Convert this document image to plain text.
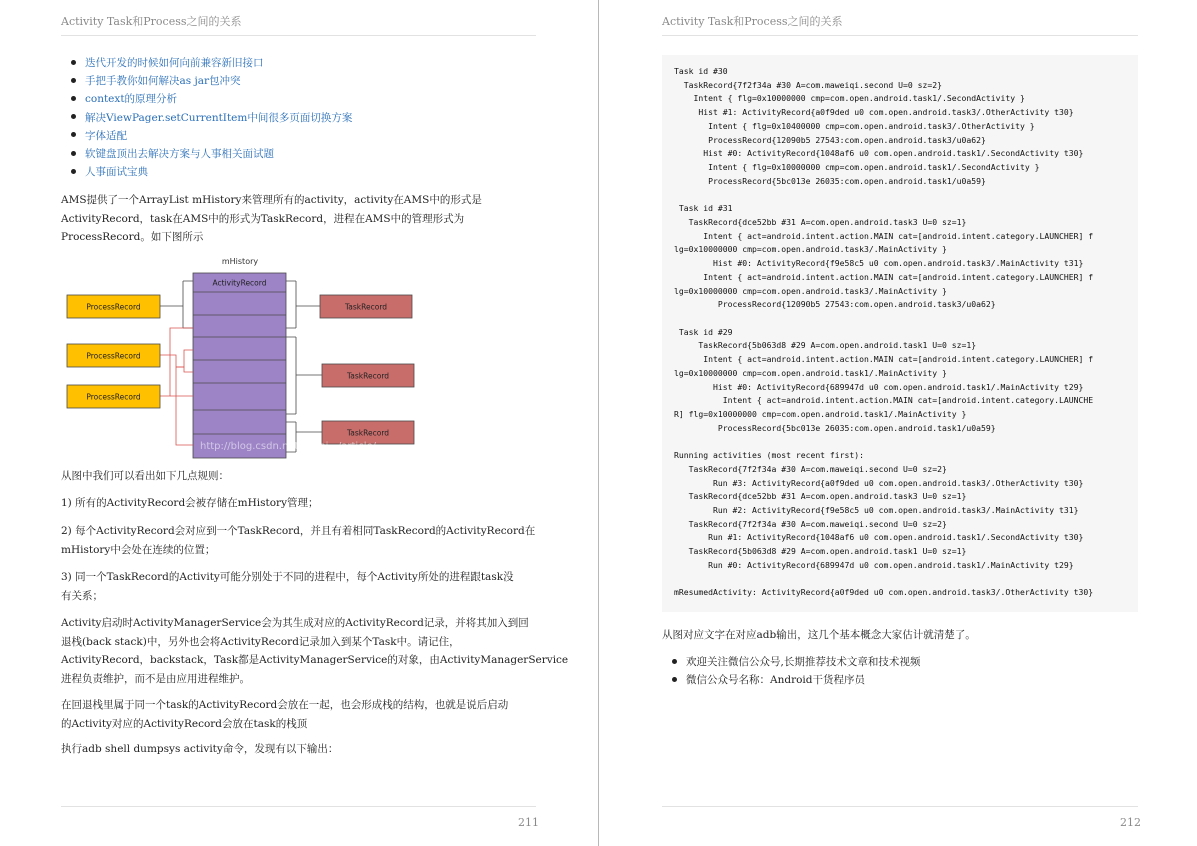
Activity Task和Process之间的关系
迭代开发的时候如何向前兼容新旧接口
手把手教你如何解决as jar包冲突
context的原理分析
解决ViewPager.setCurrentItem中间很多页面切换方案
字体适配
软键盘顶出去解决方案与人事相关面试题
人事面试宝典
AMS提供了一个ArrayList mHistory来管理所有的activity，activity在AMS中的形式是
ActivityRecord，task在AMS中的形式为TaskRecord，进程在AMS中的管理形式为
ProcessRecord。如下图所示
mHistory
ActivityRecord
ProcessRecord
ProcessRecord
ProcessRecord
TaskRecord
TaskRecord
TaskRecord
http://blog.csdn.net/zhaoj.../article/...
从图中我们可以看出如下几点规则：
1) 所有的ActivityRecord会被存储在mHistory管理；
2) 每个ActivityRecord会对应到一个TaskRecord，并且有着相同TaskRecord的ActivityRecord在
mHistory中会处在连续的位置；
3) 同一个TaskRecord的Activity可能分别处于不同的进程中，每个Activity所处的进程跟task没
有关系；
Activity启动时ActivityManagerService会为其生成对应的ActivityRecord记录，并将其加入到回
退栈(back stack)中，另外也会将ActivityRecord记录加入到某个Task中。请记住，
ActivityRecord，backstack，Task都是ActivityManagerService的对象，由ActivityManagerService
进程负责维护，而不是由应用进程维护。
在回退栈里属于同一个task的ActivityRecord会放在一起，也会形成栈的结构，也就是说后启动
的Activity对应的ActivityRecord会放在task的栈顶
执行adb shell dumpsys activity命令，发现有以下输出：
211
Activity Task和Process之间的关系
Task id #30
TaskRecord{7f2f34a #30 A=com.maweiqi.second U=0 sz=2}
Intent { flg=0x10000000 cmp=com.open.android.task1/.SecondActivity }
Hist #1: ActivityRecord{a0f9ded u0 com.open.android.task3/.OtherActivity t30}
Intent { flg=0x10400000 cmp=com.open.android.task3/.OtherActivity }
ProcessRecord{12090b5 27543:com.open.android.task3/u0a62}
Hist #0: ActivityRecord{1048af6 u0 com.open.android.task1/.SecondActivity t30}
Intent { flg=0x10000000 cmp=com.open.android.task1/.SecondActivity }
ProcessRecord{5bc013e 26035:com.open.android.task1/u0a59}
Task id #31
TaskRecord{dce52bb #31 A=com.open.android.task3 U=0 sz=1}
Intent { act=android.intent.action.MAIN cat=[android.intent.category.LAUNCHER] f
lg=0x10000000 cmp=com.open.android.task3/.MainActivity }
Hist #0: ActivityRecord{f9e58c5 u0 com.open.android.task3/.MainActivity t31}
Intent { act=android.intent.action.MAIN cat=[android.intent.category.LAUNCHER] f
lg=0x10000000 cmp=com.open.android.task3/.MainActivity }
ProcessRecord{12090b5 27543:com.open.android.task3/u0a62}
Task id #29
TaskRecord{5b063d8 #29 A=com.open.android.task1 U=0 sz=1}
Intent { act=android.intent.action.MAIN cat=[android.intent.category.LAUNCHER] f
lg=0x10000000 cmp=com.open.android.task1/.MainActivity }
Hist #0: ActivityRecord{689947d u0 com.open.android.task1/.MainActivity t29}
Intent { act=android.intent.action.MAIN cat=[android.intent.category.LAUNCHE
R] flg=0x10000000 cmp=com.open.android.task1/.MainActivity }
ProcessRecord{5bc013e 26035:com.open.android.task1/u0a59}
Running activities (most recent first):
TaskRecord{7f2f34a #30 A=com.maweiqi.second U=0 sz=2}
Run #3: ActivityRecord{a0f9ded u0 com.open.android.task3/.OtherActivity t30}
TaskRecord{dce52bb #31 A=com.open.android.task3 U=0 sz=1}
Run #2: ActivityRecord{f9e58c5 u0 com.open.android.task3/.MainActivity t31}
TaskRecord{7f2f34a #30 A=com.maweiqi.second U=0 sz=2}
Run #1: ActivityRecord{1048af6 u0 com.open.android.task1/.SecondActivity t30}
TaskRecord{5b063d8 #29 A=com.open.android.task1 U=0 sz=1}
Run #0: ActivityRecord{689947d u0 com.open.android.task1/.MainActivity t29}
mResumedActivity: ActivityRecord{a0f9ded u0 com.open.android.task3/.OtherActivity t30}
从图对应文字在对应adb输出，这几个基本概念大家估计就清楚了。
欢迎关注微信公众号,长期推荐技术文章和技术视频
微信公众号名称：Android干货程序员
212
